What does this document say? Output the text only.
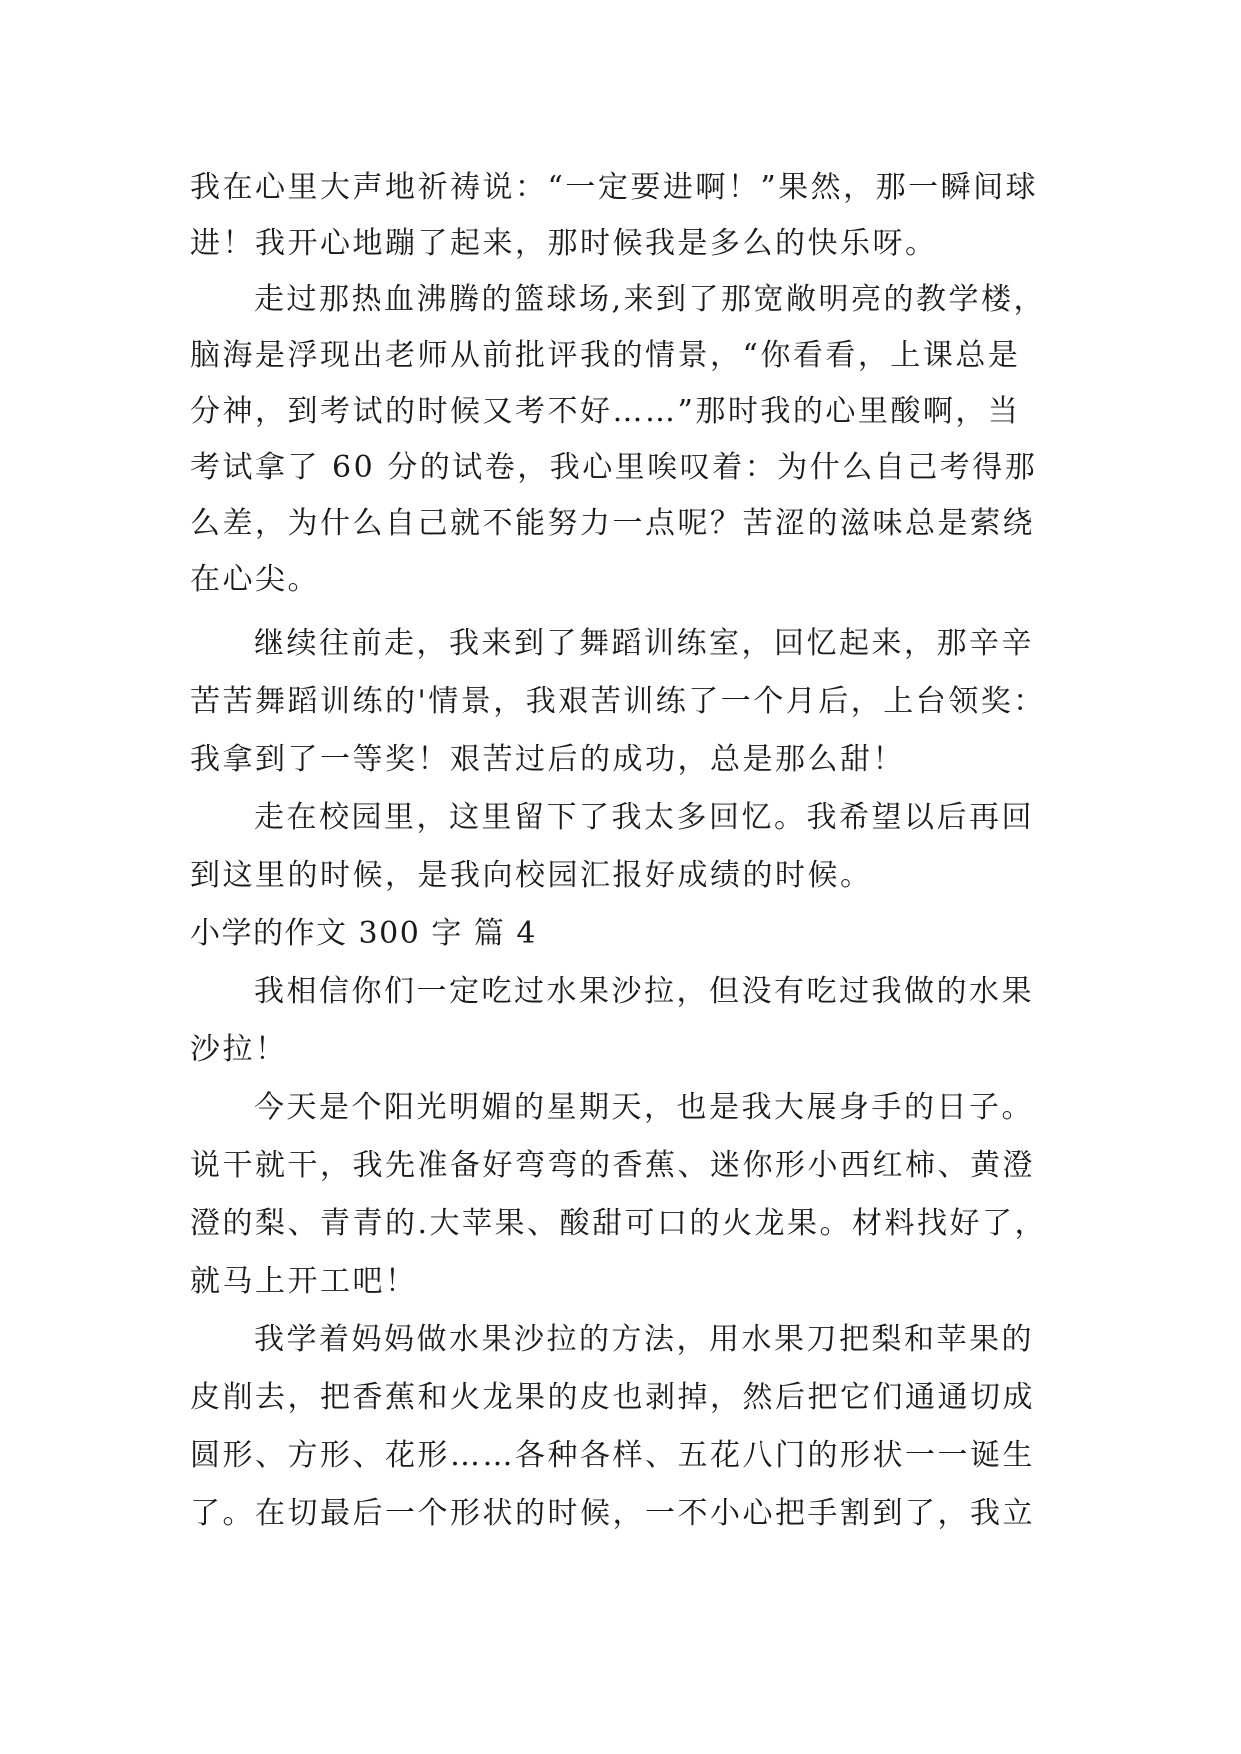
我在心里大声地祈祷说：“一定要进啊！”果然，那一瞬间球
进！我开心地蹦了起来，那时候我是多么的快乐呀。
走过那热血沸腾的篮球场,来到了那宽敞明亮的教学楼，
脑海是浮现出老师从前批评我的情景，“你看看，上课总是
分神，到考试的时候又考不好……”那时我的心里酸啊，当
考试拿了 60 分的试卷，我心里唉叹着：为什么自己考得那
么差，为什么自己就不能努力一点呢？苦涩的滋味总是萦绕
在心尖。
继续往前走，我来到了舞蹈训练室，回忆起来，那辛辛
苦苦舞蹈训练的'情景，我艰苦训练了一个月后，上台领奖：
我拿到了一等奖！艰苦过后的成功，总是那么甜！
走在校园里，这里留下了我太多回忆。我希望以后再回
到这里的时候，是我向校园汇报好成绩的时候。
小学的作文 300 字 篇 4
我相信你们一定吃过水果沙拉，但没有吃过我做的水果
沙拉！
今天是个阳光明媚的星期天，也是我大展身手的日子。
说干就干，我先准备好弯弯的香蕉、迷你形小西红柿、黄澄
澄的梨、青青的.大苹果、酸甜可口的火龙果。材料找好了，
就马上开工吧！
我学着妈妈做水果沙拉的方法，用水果刀把梨和苹果的
皮削去，把香蕉和火龙果的皮也剥掉，然后把它们通通切成
圆形、方形、花形……各种各样、五花八门的形状一一诞生
了。在切最后一个形状的时候，一不小心把手割到了，我立
